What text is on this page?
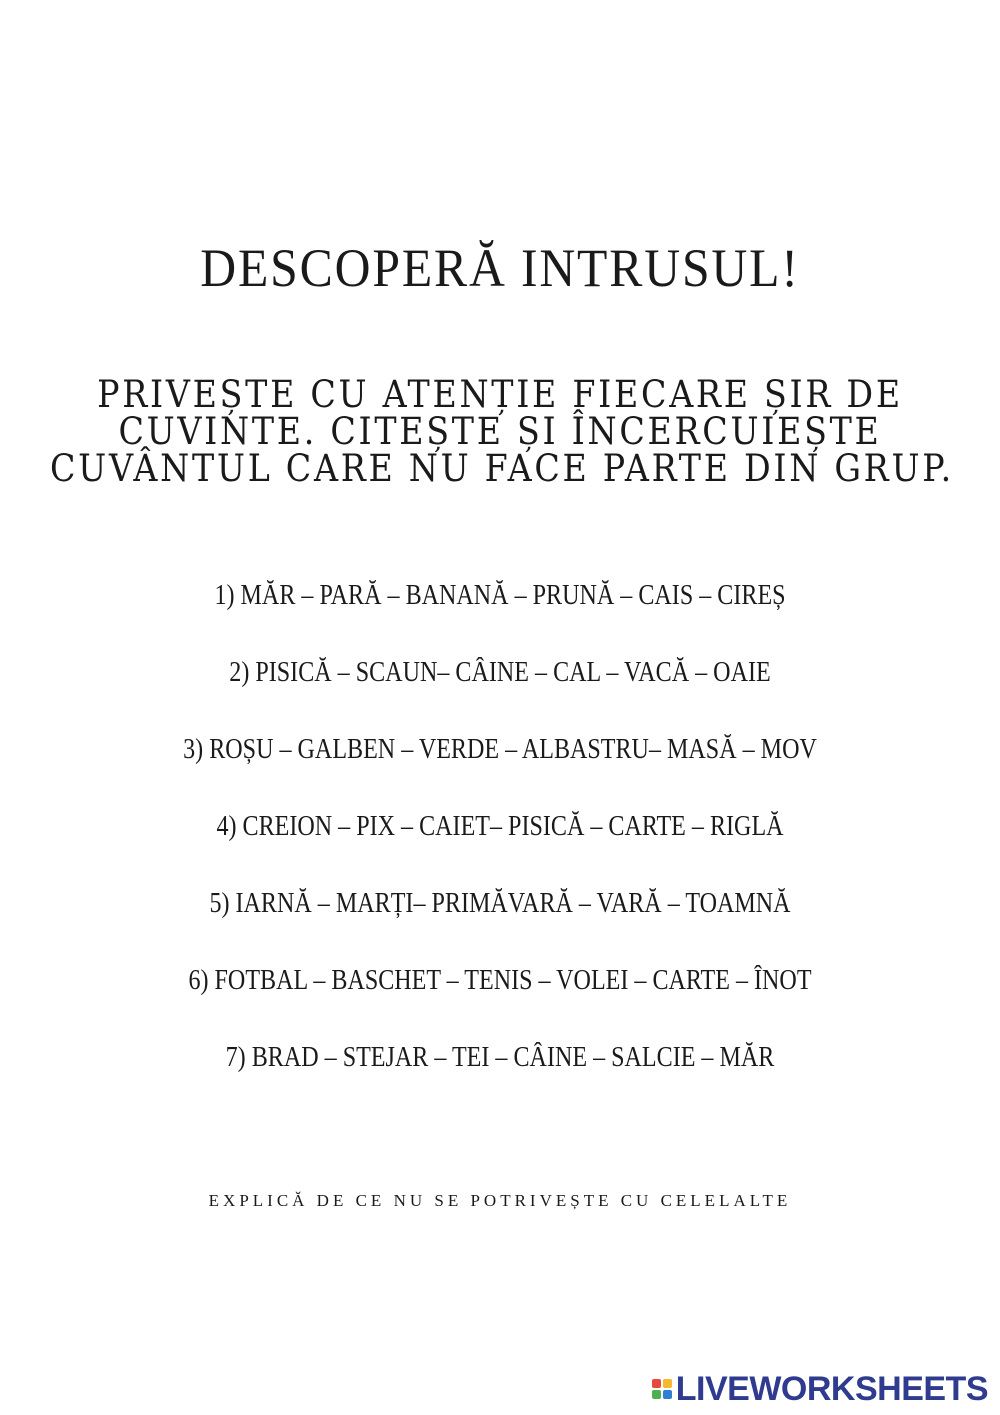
DESCOPERĂ INTRUSUL!
PRIVEȘTE CU ATENȚIE FIECARE ȘIR DE
CUVINTE. CITEȘTE ȘI ÎNCERCUIEȘTE
CUVÂNTUL CARE NU FACE PARTE DIN GRUP.
1) MĂR – PARĂ – BANANĂ – PRUNĂ – CAIS – CIREȘ
2) PISICĂ – SCAUN– CÂINE – CAL – VACĂ – OAIE
3) ROȘU – GALBEN – VERDE – ALBASTRU– MASĂ – MOV
4) CREION – PIX – CAIET– PISICĂ – CARTE – RIGLĂ
5) IARNĂ – MARȚI– PRIMĂVARĂ – VARĂ – TOAMNĂ
6) FOTBAL – BASCHET – TENIS – VOLEI – CARTE – ÎNOT
7) BRAD – STEJAR – TEI – CÂINE – SALCIE – MĂR
EXPLICĂ DE CE NU SE POTRIVEȘTE CU CELELALTE
LIVEWORKSHEETS
